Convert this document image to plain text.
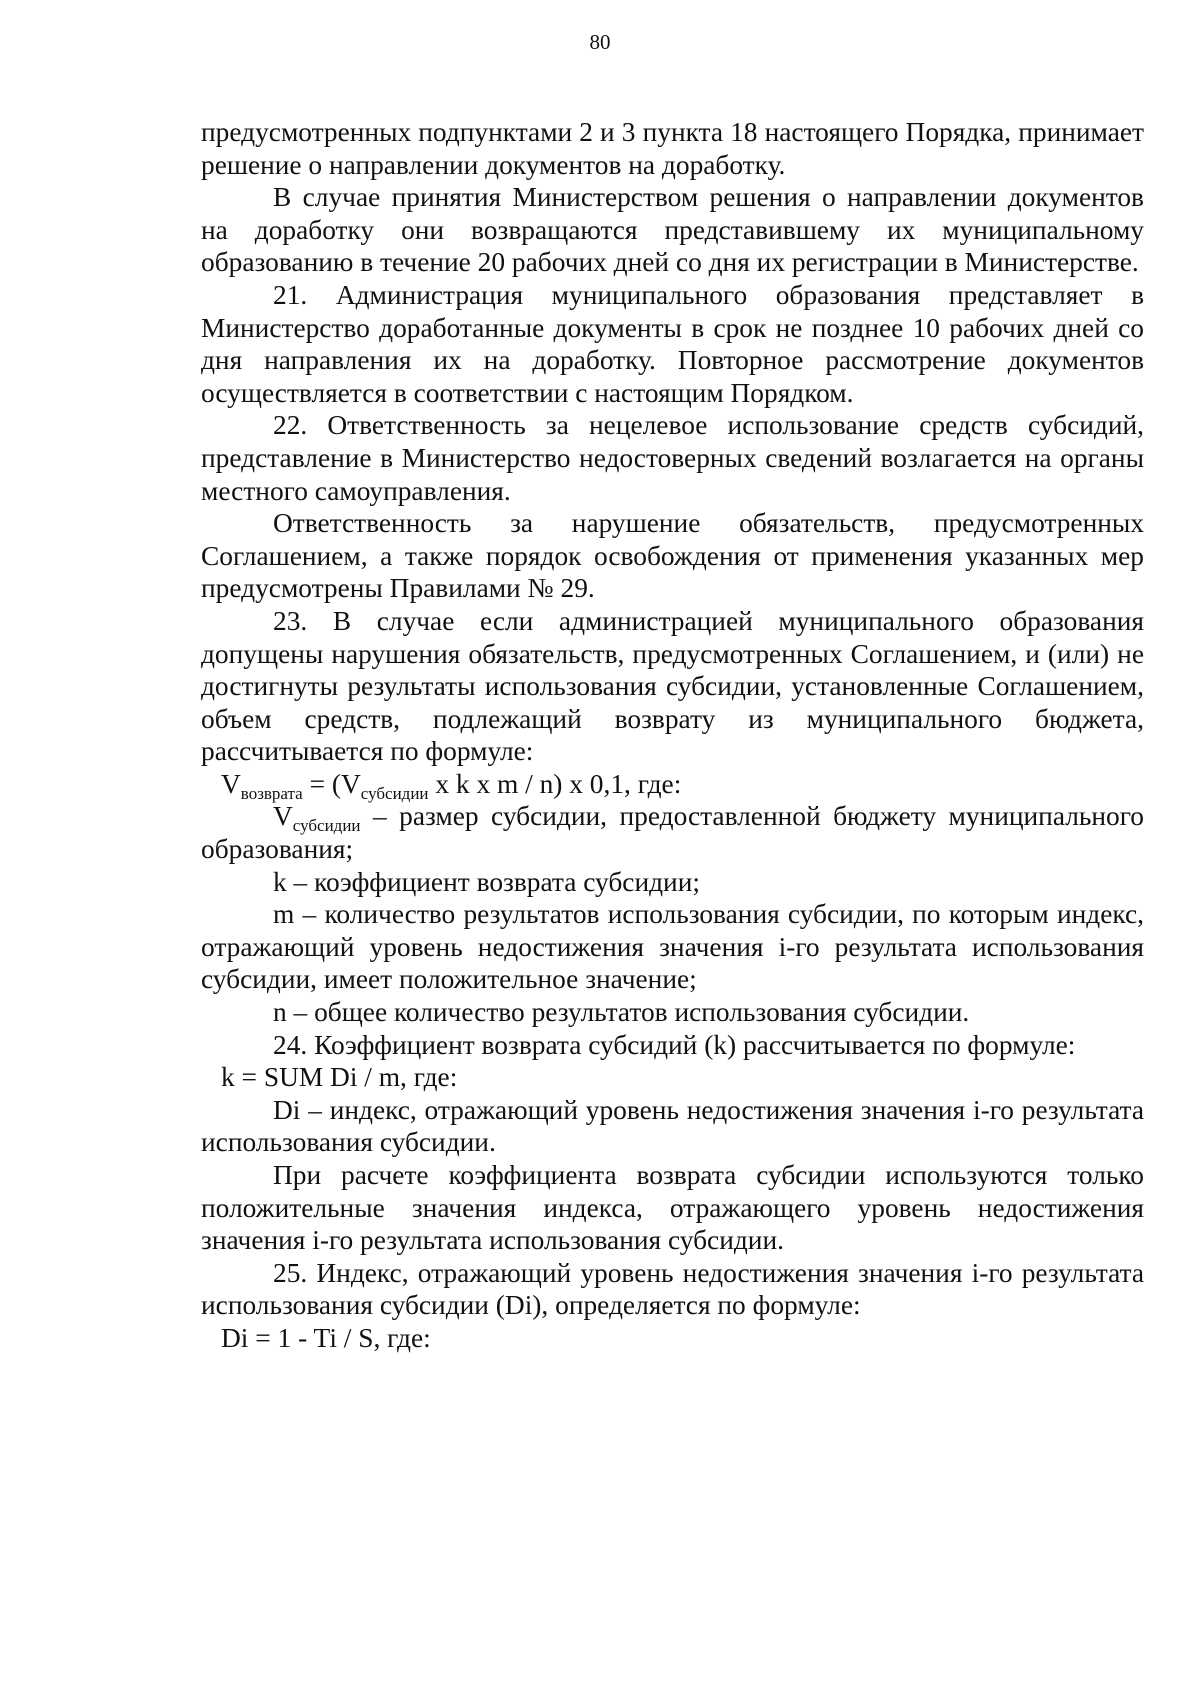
80

предусмотренных подпунктами 2 и 3 пункта 18 настоящего Порядка, принимает решение о направлении документов на доработку.

В случае принятия Министерством решения о направлении документов на доработку они возвращаются представившему их муниципальному образованию в течение 20 рабочих дней со дня их регистрации в Министерстве.

21. Администрация муниципального образования представляет в Министерство доработанные документы в срок не позднее 10 рабочих дней со дня направления их на доработку. Повторное рассмотрение документов осуществляется в соответствии с настоящим Порядком.

22. Ответственность за нецелевое использование средств субсидий, представление в Министерство недостоверных сведений возлагается на органы местного самоуправления.

Ответственность за нарушение обязательств, предусмотренных Соглашением, а также порядок освобождения от применения указанных мер предусмотрены Правилами № 29.

23. В случае если администрацией муниципального образования допущены нарушения обязательств, предусмотренных Соглашением, и (или) не достигнуты результаты использования субсидии, установленные Соглашением, объем средств, подлежащий возврату из муниципального бюджета, рассчитывается по формуле:

$V_{возврата} = (V_{субсидии}$ x k x m / n) x 0,1, где:

$V_{субсидии}$ – размер субсидии, предоставленной бюджету муниципального образования;

k – коэффициент возврата субсидии;

m – количество результатов использования субсидии, по которым индекс, отражающий уровень недостижения значения i-го результата использования субсидии, имеет положительное значение;

n – общее количество результатов использования субсидии.

24. Коэффициент возврата субсидий (k) рассчитывается по формуле:

k = SUM Di / m, где:

Di – индекс, отражающий уровень недостижения значения i-го результата использования субсидии.

При расчете коэффициента возврата субсидии используются только положительные значения индекса, отражающего уровень недостижения значения i-го результата использования субсидии.

25. Индекс, отражающий уровень недостижения значения i-го результата использования субсидии (Di), определяется по формуле:

Di = 1 - Ti / S, где:
